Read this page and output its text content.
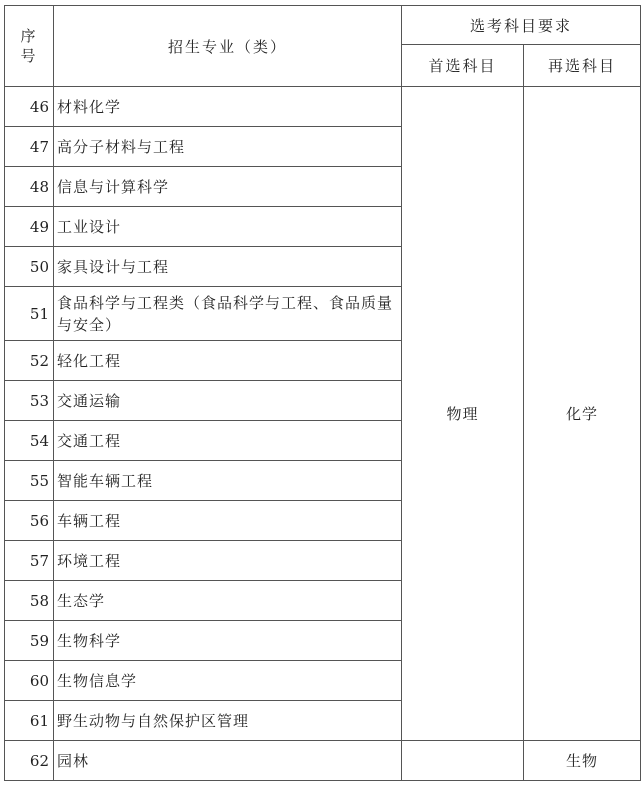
序
号	招生专业（类）	选考科目要求	
		首选科目	再选科目
46	材料化学	物理	化学
47	高分子材料与工程		
48	信息与计算科学		
49	工业设计		
50	家具设计与工程		
51	食品科学与工程类（食品科学与工程、食品质量与安全）		
52	轻化工程		
53	交通运输		
54	交通工程		
55	智能车辆工程		
56	车辆工程		
57	环境工程		
58	生态学		
59	生物科学		
60	生物信息学		
61	野生动物与自然保护区管理		
62	园林		生物
